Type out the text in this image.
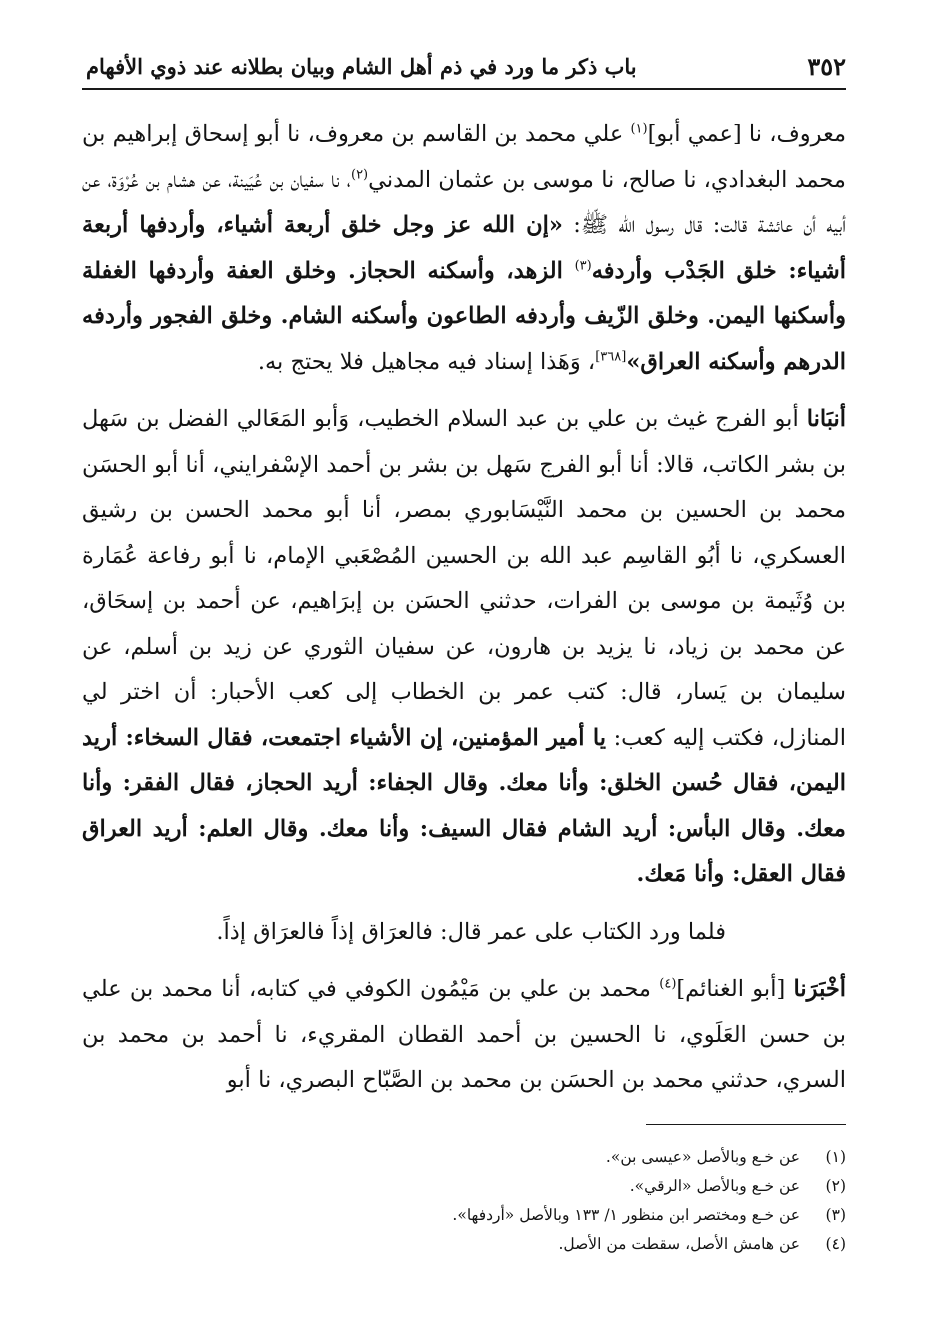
٣٥٢
باب ذكر ما ورد في ذم أهل الشام وبيان بطلانه عند ذوي الأفهام

معروف، نا [عمي أبو]$^{(١)}$ علي محمد بن القاسم بن معروف، نا أبو إسحاق إبراهيم بن محمد البغدادي، نا صالح، نا موسى بن عثمان المدني$^{(٢)}$، نا سفيان بن عُيَينة، عن هشام بن عُرْوَة، عن أبيه أن عائشة قالت: قال رسول الله ﷺ: «إن الله عز وجل خلق أربعة أشياء، وأردفها أربعة أشياء: خلق الجَدْب وأردفه$^{(٣)}$ الزهد، وأسكنه الحجاز. وخلق العفة وأردفها الغفلة وأسكنها اليمن. وخلق الزّيف وأردفه الطاعون وأسكنه الشام. وخلق الفجور وأردفه الدرهم وأسكنه العراق»[٣٦٨]، وَهَذا إسناد فيه مجاهيل فلا يحتج به.

أنبَانا أبو الفرج غيث بن علي بن عبد السلام الخطيب، وَأبو المَعَالي الفضل بن سَهل بن بشر الكاتب، قالا: أنا أبو الفرج سَهل بن بشر بن أحمد الإسْفرايني، أنا أبو الحسَن محمد بن الحسين بن محمد النَّيْسَابوري بمصر، أنا أبو محمد الحسن بن رشيق العسكري، نا أبُو القاسِم عبد الله بن الحسين المُصْعَبي الإمام، نا أبو رفاعة عُمَارة بن وُثَيمة بن موسى بن الفرات، حدثني الحسَن بن إبرَاهيم، عن أحمد بن إسحَاق، عن محمد بن زياد، نا يزيد بن هارون، عن سفيان الثوري عن زيد بن أسلم، عن سليمان بن يَسار، قال: كتب عمر بن الخطاب إلى كعب الأحبار: أن اختر لي المنازل، فكتب إليه كعب: يا أمير المؤمنين، إن الأشياء اجتمعت، فقال السخاء: أريد اليمن، فقال حُسن الخلق: وأنا معك. وقال الجفاء: أريد الحجاز، فقال الفقر: وأنا معك. وقال البأس: أريد الشام فقال السيف: وأنا معك. وقال العلم: أريد العراق فقال العقل: وأنا مَعك.

فلما ورد الكتاب على عمر قال: فالعرَاق إذاً فالعرَاق إذاً.

أخْبَرَنا [أبو الغنائم]$^{(٤)}$ محمد بن علي بن مَيْمُون الكوفي في كتابه، أنا محمد بن علي بن حسن العَلَوي، نا الحسين بن أحمد القطان المقريء، نا أحمد بن محمد بن السري، حدثني محمد بن الحسَن بن محمد بن الصَّبّاح البصري، نا أبو

(١)
عن خـع وبالأصل «عيسى بن».
(٢)
عن خـع وبالأصل «الرقي».
(٣)
عن خـع ومختصر ابن منظور ١/ ١٣٣ وبالأصل «أردفها».
(٤)
عن هامش الأصل، سقطت من الأصل.
